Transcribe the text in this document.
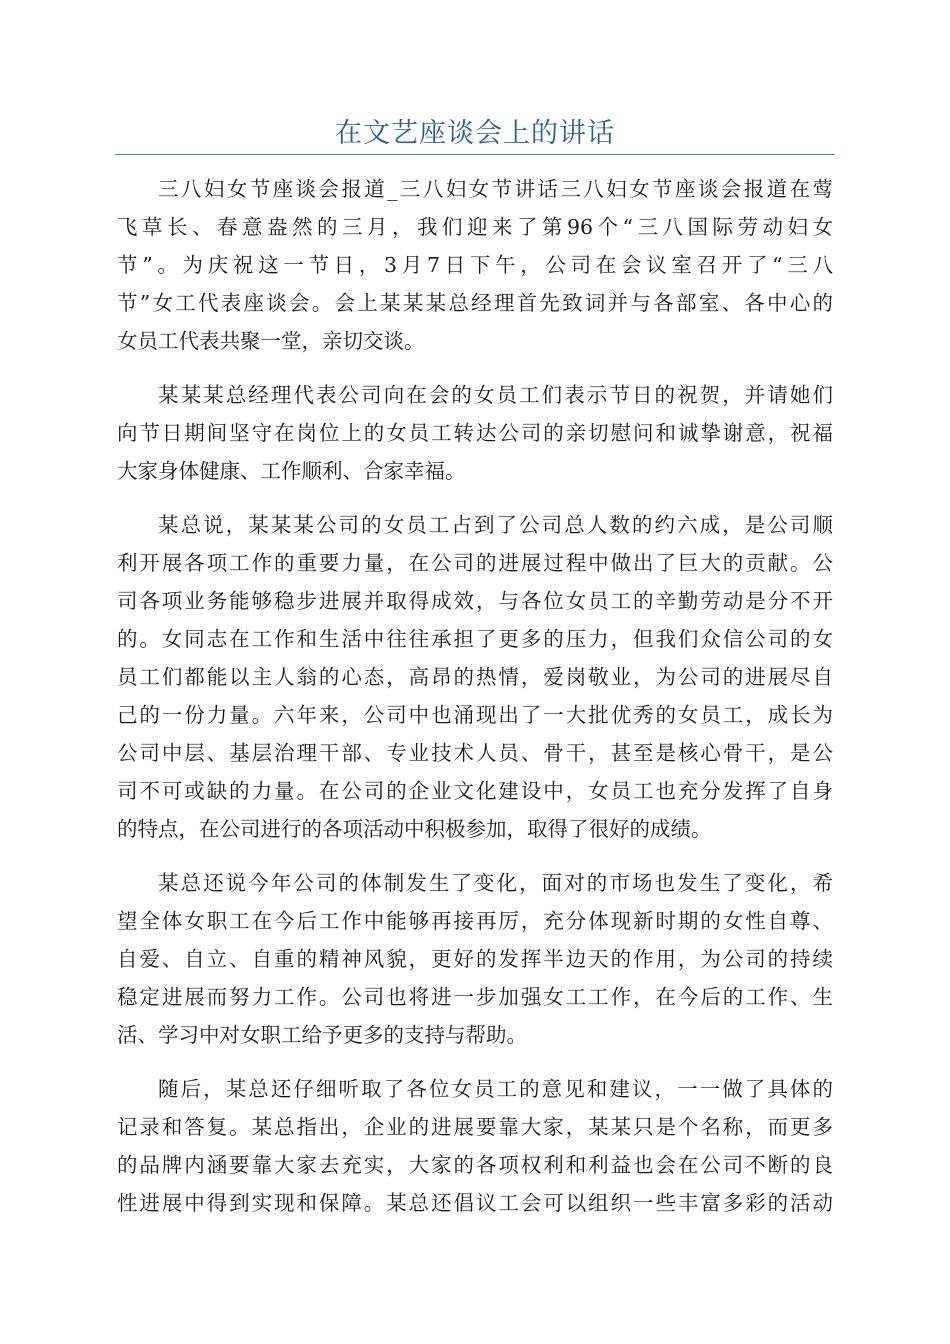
在文艺座谈会上的讲话

三八妇女节座谈会报道_三八妇女节讲话三八妇女节座谈会报道在莺
飞草长、春意盎然的三月，我们迎来了第96个“三八国际劳动妇女
节”。为庆祝这一节日，3月7日下午，公司在会议室召开了“三八
节”女工代表座谈会。会上某某某总经理首先致词并与各部室、各中心的
女员工代表共聚一堂，亲切交谈。

某某某总经理代表公司向在会的女员工们表示节日的祝贺，并请她们
向节日期间坚守在岗位上的女员工转达公司的亲切慰问和诚挚谢意，祝福
大家身体健康、工作顺利、合家幸福。

某总说，某某某公司的女员工占到了公司总人数的约六成，是公司顺
利开展各项工作的重要力量，在公司的进展过程中做出了巨大的贡献。公
司各项业务能够稳步进展并取得成效，与各位女员工的辛勤劳动是分不开
的。女同志在工作和生活中往往承担了更多的压力，但我们众信公司的女
员工们都能以主人翁的心态，高昂的热情，爱岗敬业，为公司的进展尽自
己的一份力量。六年来，公司中也涌现出了一大批优秀的女员工，成长为
公司中层、基层治理干部、专业技术人员、骨干，甚至是核心骨干，是公
司不可或缺的力量。在公司的企业文化建设中，女员工也充分发挥了自身
的特点，在公司进行的各项活动中积极参加，取得了很好的成绩。

某总还说今年公司的体制发生了变化，面对的市场也发生了变化，希
望全体女职工在今后工作中能够再接再厉，充分体现新时期的女性自尊、
自爱、自立、自重的精神风貌，更好的发挥半边天的作用，为公司的持续
稳定进展而努力工作。公司也将进一步加强女工工作，在今后的工作、生
活、学习中对女职工给予更多的支持与帮助。

随后，某总还仔细听取了各位女员工的意见和建议，一一做了具体的
记录和答复。某总指出，企业的进展要靠大家，某某只是个名称，而更多
的品牌内涵要靠大家去充实，大家的各项权利和利益也会在公司不断的良
性进展中得到实现和保障。某总还倡议工会可以组织一些丰富多彩的活动
